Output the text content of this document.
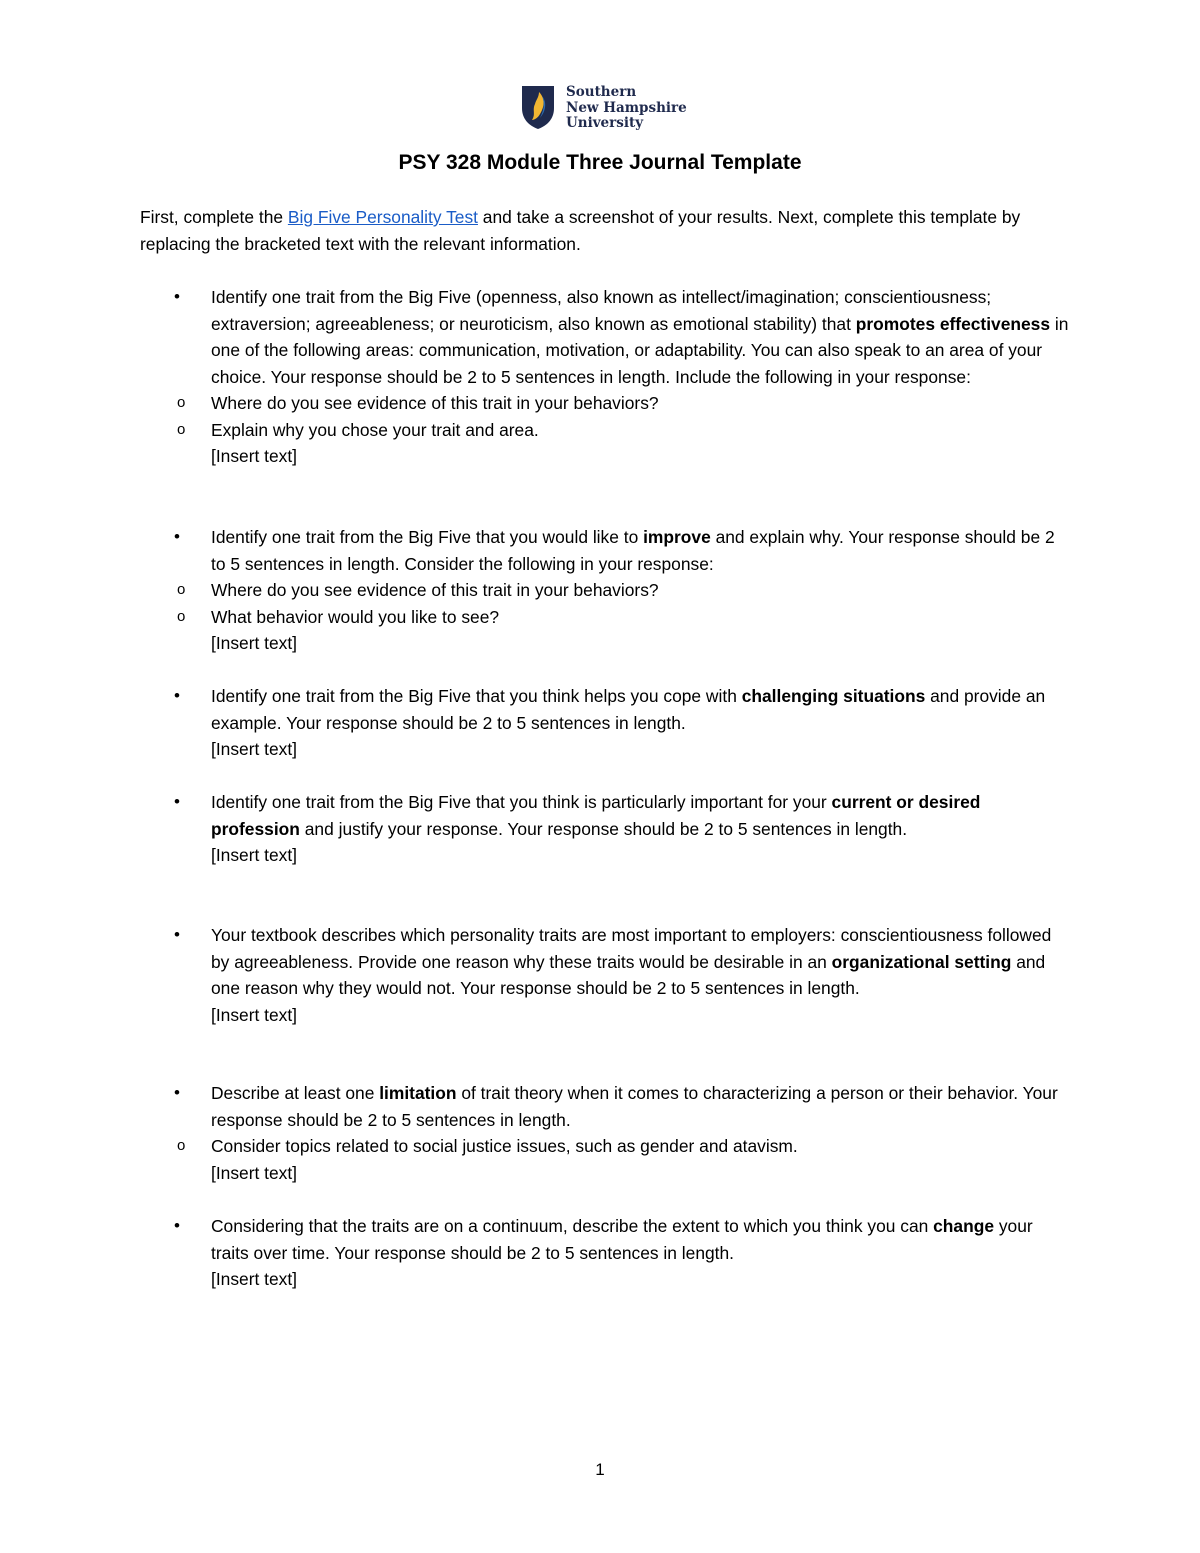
Southern
New Hampshire
University
PSY 328 Module Three Journal Template

First, complete the Big Five Personality Test and take a screenshot of your results. Next, complete this template by replacing the bracketed text with the relevant information.

•	Identify one trait from the Big Five (openness, also known as intellect/imagination; conscientiousness; extraversion; agreeableness; or neuroticism, also known as emotional stability) that promotes effectiveness in one of the following areas: communication, motivation, or adaptability. You can also speak to an area of your choice. Your response should be 2 to 5 sentences in length. Include the following in your response:

o Where do you see evidence of this trait in your behaviors?

o Explain why you chose your trait and area.

[Insert text]

•	Identify one trait from the Big Five that you would like to improve and explain why. Your response should be 2 to 5 sentences in length. Consider the following in your response:

o Where do you see evidence of this trait in your behaviors?

o What behavior would you like to see?

[Insert text]

•	Identify one trait from the Big Five that you think helps you cope with challenging situations and provide an example. Your response should be 2 to 5 sentences in length.

[Insert text]

•	Identify one trait from the Big Five that you think is particularly important for your current or desired profession and justify your response. Your response should be 2 to 5 sentences in length.

[Insert text]

•	Your textbook describes which personality traits are most important to employers: conscientiousness followed by agreeableness. Provide one reason why these traits would be desirable in an organizational setting and one reason why they would not. Your response should be 2 to 5 sentences in length.

[Insert text]

•	Describe at least one limitation of trait theory when it comes to characterizing a person or their behavior. Your response should be 2 to 5 sentences in length.

o Consider topics related to social justice issues, such as gender and atavism.

[Insert text]

•	Considering that the traits are on a continuum, describe the extent to which you think you can change your traits over time. Your response should be 2 to 5 sentences in length.

[Insert text]

1
